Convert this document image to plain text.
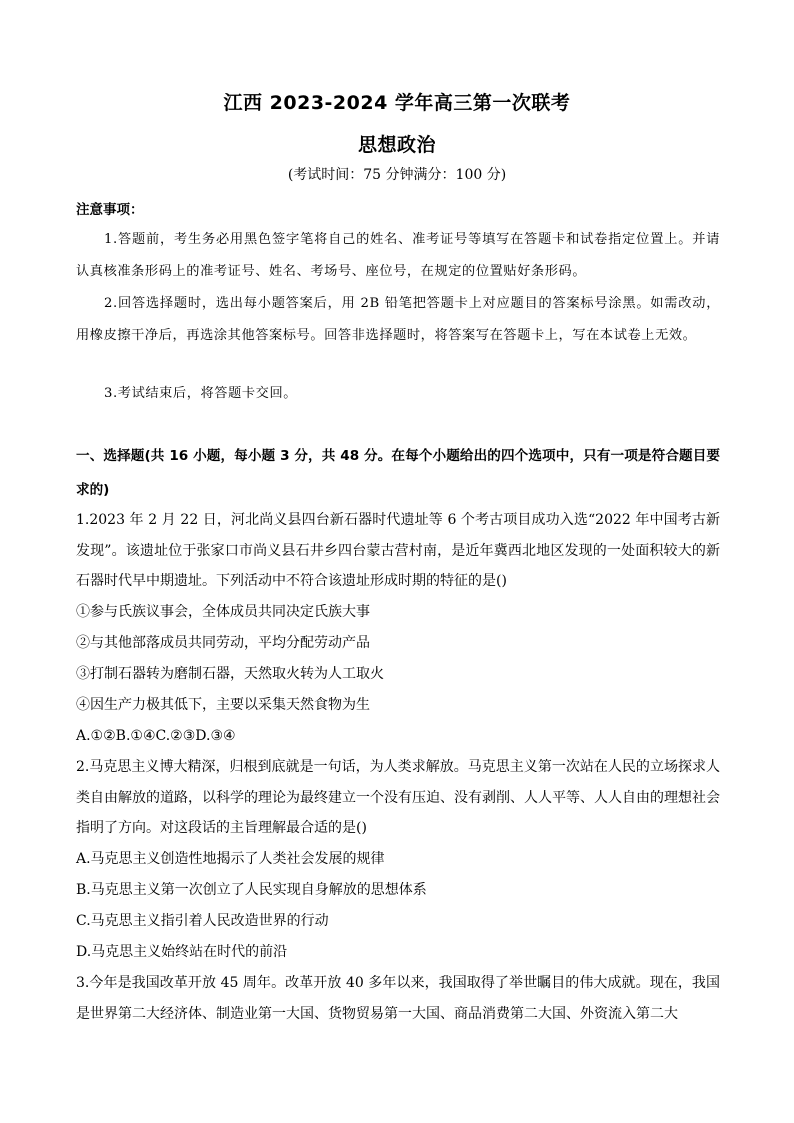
江西 2023-2024 学年高三第一次联考
思想政治
(考试时间：75 分钟满分：100 分)
注意事项：
1.答题前，考生务必用黑色签字笔将自己的姓名、准考证号等填写在答题卡和试卷指定位置上。并请认真核准条形码上的准考证号、姓名、考场号、座位号，在规定的位置贴好条形码。
2.回答选择题时，选出每小题答案后，用 2B 铅笔把答题卡上对应题目的答案标号涂黑。如需改动，用橡皮擦干净后，再选涂其他答案标号。回答非选择题时，将答案写在答题卡上，写在本试卷上无效。
3.考试结束后，将答题卡交回。
一、选择题(共 16 小题，每小题 3 分，共 48 分。在每个小题给出的四个选项中，只有一项是符合题目要求的)
1.2023 年 2 月 22 日，河北尚义县四台新石器时代遗址等 6 个考古项目成功入选“2022 年中国考古新发现”。该遗址位于张家口市尚义县石井乡四台蒙古营村南，是近年冀西北地区发现的一处面积较大的新石器时代早中期遗址。下列活动中不符合该遗址形成时期的特征的是()
①参与氏族议事会，全体成员共同决定氏族大事
②与其他部落成员共同劳动，平均分配劳动产品
③打制石器转为磨制石器，天然取火转为人工取火
④因生产力极其低下，主要以采集天然食物为生
A.①②B.①④C.②③D.③④
2.马克思主义博大精深，归根到底就是一句话，为人类求解放。马克思主义第一次站在人民的立场探求人类自由解放的道路，以科学的理论为最终建立一个没有压迫、没有剥削、人人平等、人人自由的理想社会指明了方向。对这段话的主旨理解最合适的是()
A.马克思主义创造性地揭示了人类社会发展的规律
B.马克思主义第一次创立了人民实现自身解放的思想体系
C.马克思主义指引着人民改造世界的行动
D.马克思主义始终站在时代的前沿
3.今年是我国改革开放 45 周年。改革开放 40 多年以来，我国取得了举世瞩目的伟大成就。现在，我国是世界第二大经济体、制造业第一大国、货物贸易第一大国、商品消费第二大国、外资流入第二大
